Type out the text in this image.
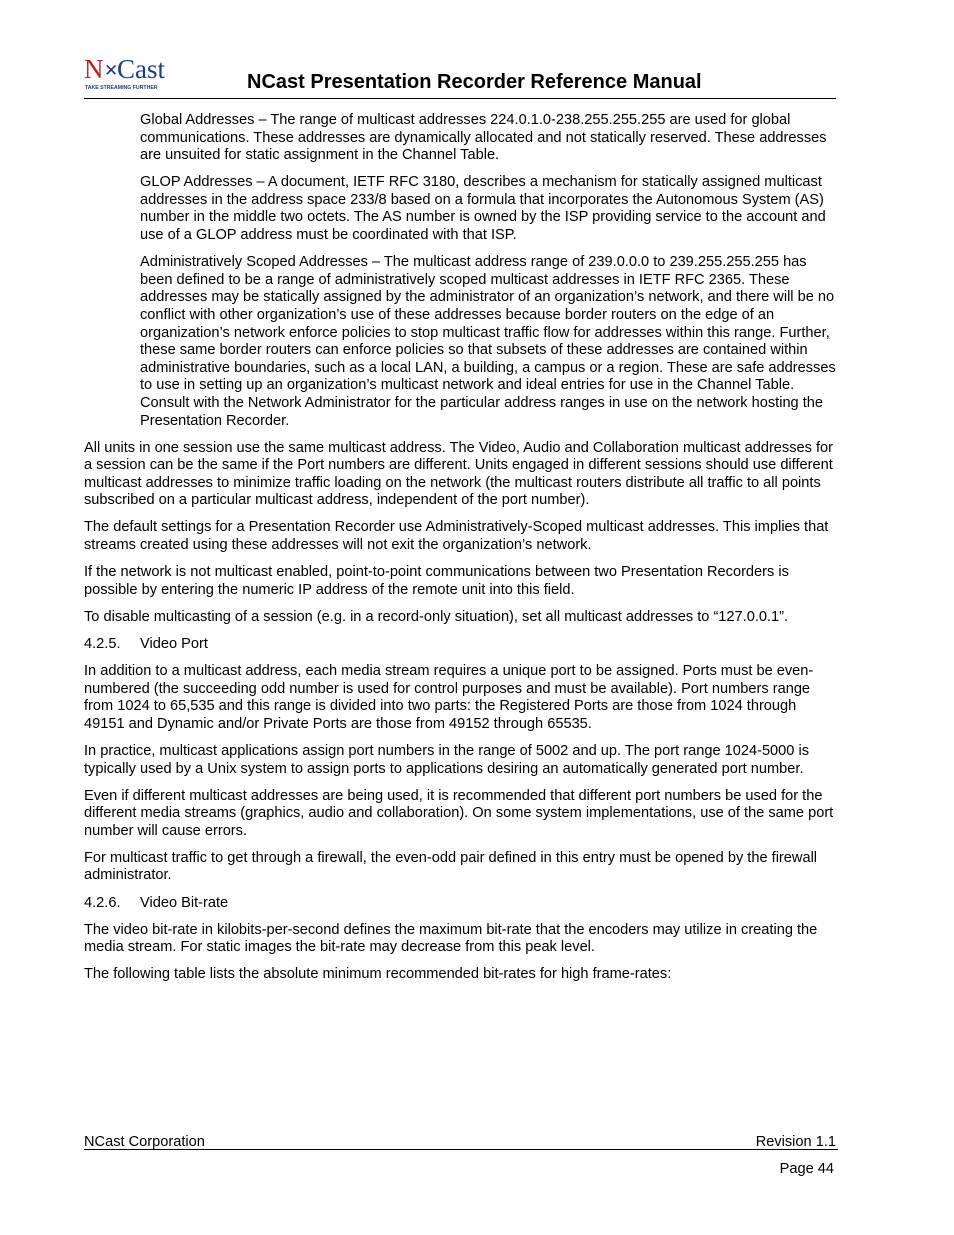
N ✕
Cast
TAKE STREAMING FURTHER	NCast Presentation Recorder Reference Manual

Global Addresses – The range of multicast addresses 224.0.1.0-238.255.255.255 are used for global communications. These addresses are dynamically allocated and not statically reserved. These addresses are unsuited for static assignment in the Channel Table.

GLOP Addresses – A document, IETF RFC 3180, describes a mechanism for statically assigned multicast addresses in the address space 233/8 based on a formula that incorporates the Autonomous System (AS) number in the middle two octets. The AS number is owned by the ISP providing service to the account and use of a GLOP address must be coordinated with that ISP.

Administratively Scoped Addresses – The multicast address range of 239.0.0.0 to 239.255.255.255 has been defined to be a range of administratively scoped multicast addresses in IETF RFC 2365. These addresses may be statically assigned by the administrator of an organization’s network, and there will be no conflict with other organization’s use of these addresses because border routers on the edge of an organization’s network enforce policies to stop multicast traffic flow for addresses within this range. Further, these same border routers can enforce policies so that subsets of these addresses are contained within administrative boundaries, such as a local LAN, a building, a campus or a region. These are safe addresses to use in setting up an organization’s multicast network and ideal entries for use in the Channel Table. Consult with the Network Administrator for the particular address ranges in use on the network hosting the Presentation Recorder.

All units in one session use the same multicast address. The Video, Audio and Collaboration multicast addresses for a session can be the same if the Port numbers are different. Units engaged in different sessions should use different multicast addresses to minimize traffic loading on the network (the multicast routers distribute all traffic to all points subscribed on a particular multicast address, independent of the port number).

The default settings for a Presentation Recorder use Administratively-Scoped multicast addresses. This implies that streams created using these addresses will not exit the organization’s network.

If the network is not multicast enabled, point-to-point communications between two Presentation Recorders is possible by entering the numeric IP address of the remote unit into this field.

To disable multicasting of a session (e.g. in a record-only situation), set all multicast addresses to “127.0.0.1”.

4.2.5. Video Port

In addition to a multicast address, each media stream requires a unique port to be assigned. Ports must be even-numbered (the succeeding odd number is used for control purposes and must be available). Port numbers range from 1024 to 65,535 and this range is divided into two parts: the Registered Ports are those from 1024 through 49151 and Dynamic and/or Private Ports are those from 49152 through 65535.

In practice, multicast applications assign port numbers in the range of 5002 and up. The port range 1024-5000 is typically used by a Unix system to assign ports to applications desiring an automatically generated port number.

Even if different multicast addresses are being used, it is recommended that different port numbers be used for the different media streams (graphics, audio and collaboration). On some system implementations, use of the same port number will cause errors.

For multicast traffic to get through a firewall, the even-odd pair defined in this entry must be opened by the firewall administrator.

4.2.6. Video Bit-rate

The video bit-rate in kilobits-per-second defines the maximum bit-rate that the encoders may utilize in creating the media stream. For static images the bit-rate may decrease from this peak level.

The following table lists the absolute minimum recommended bit-rates for high frame-rates:

NCast Corporation	Revision 1.1
Page 44
